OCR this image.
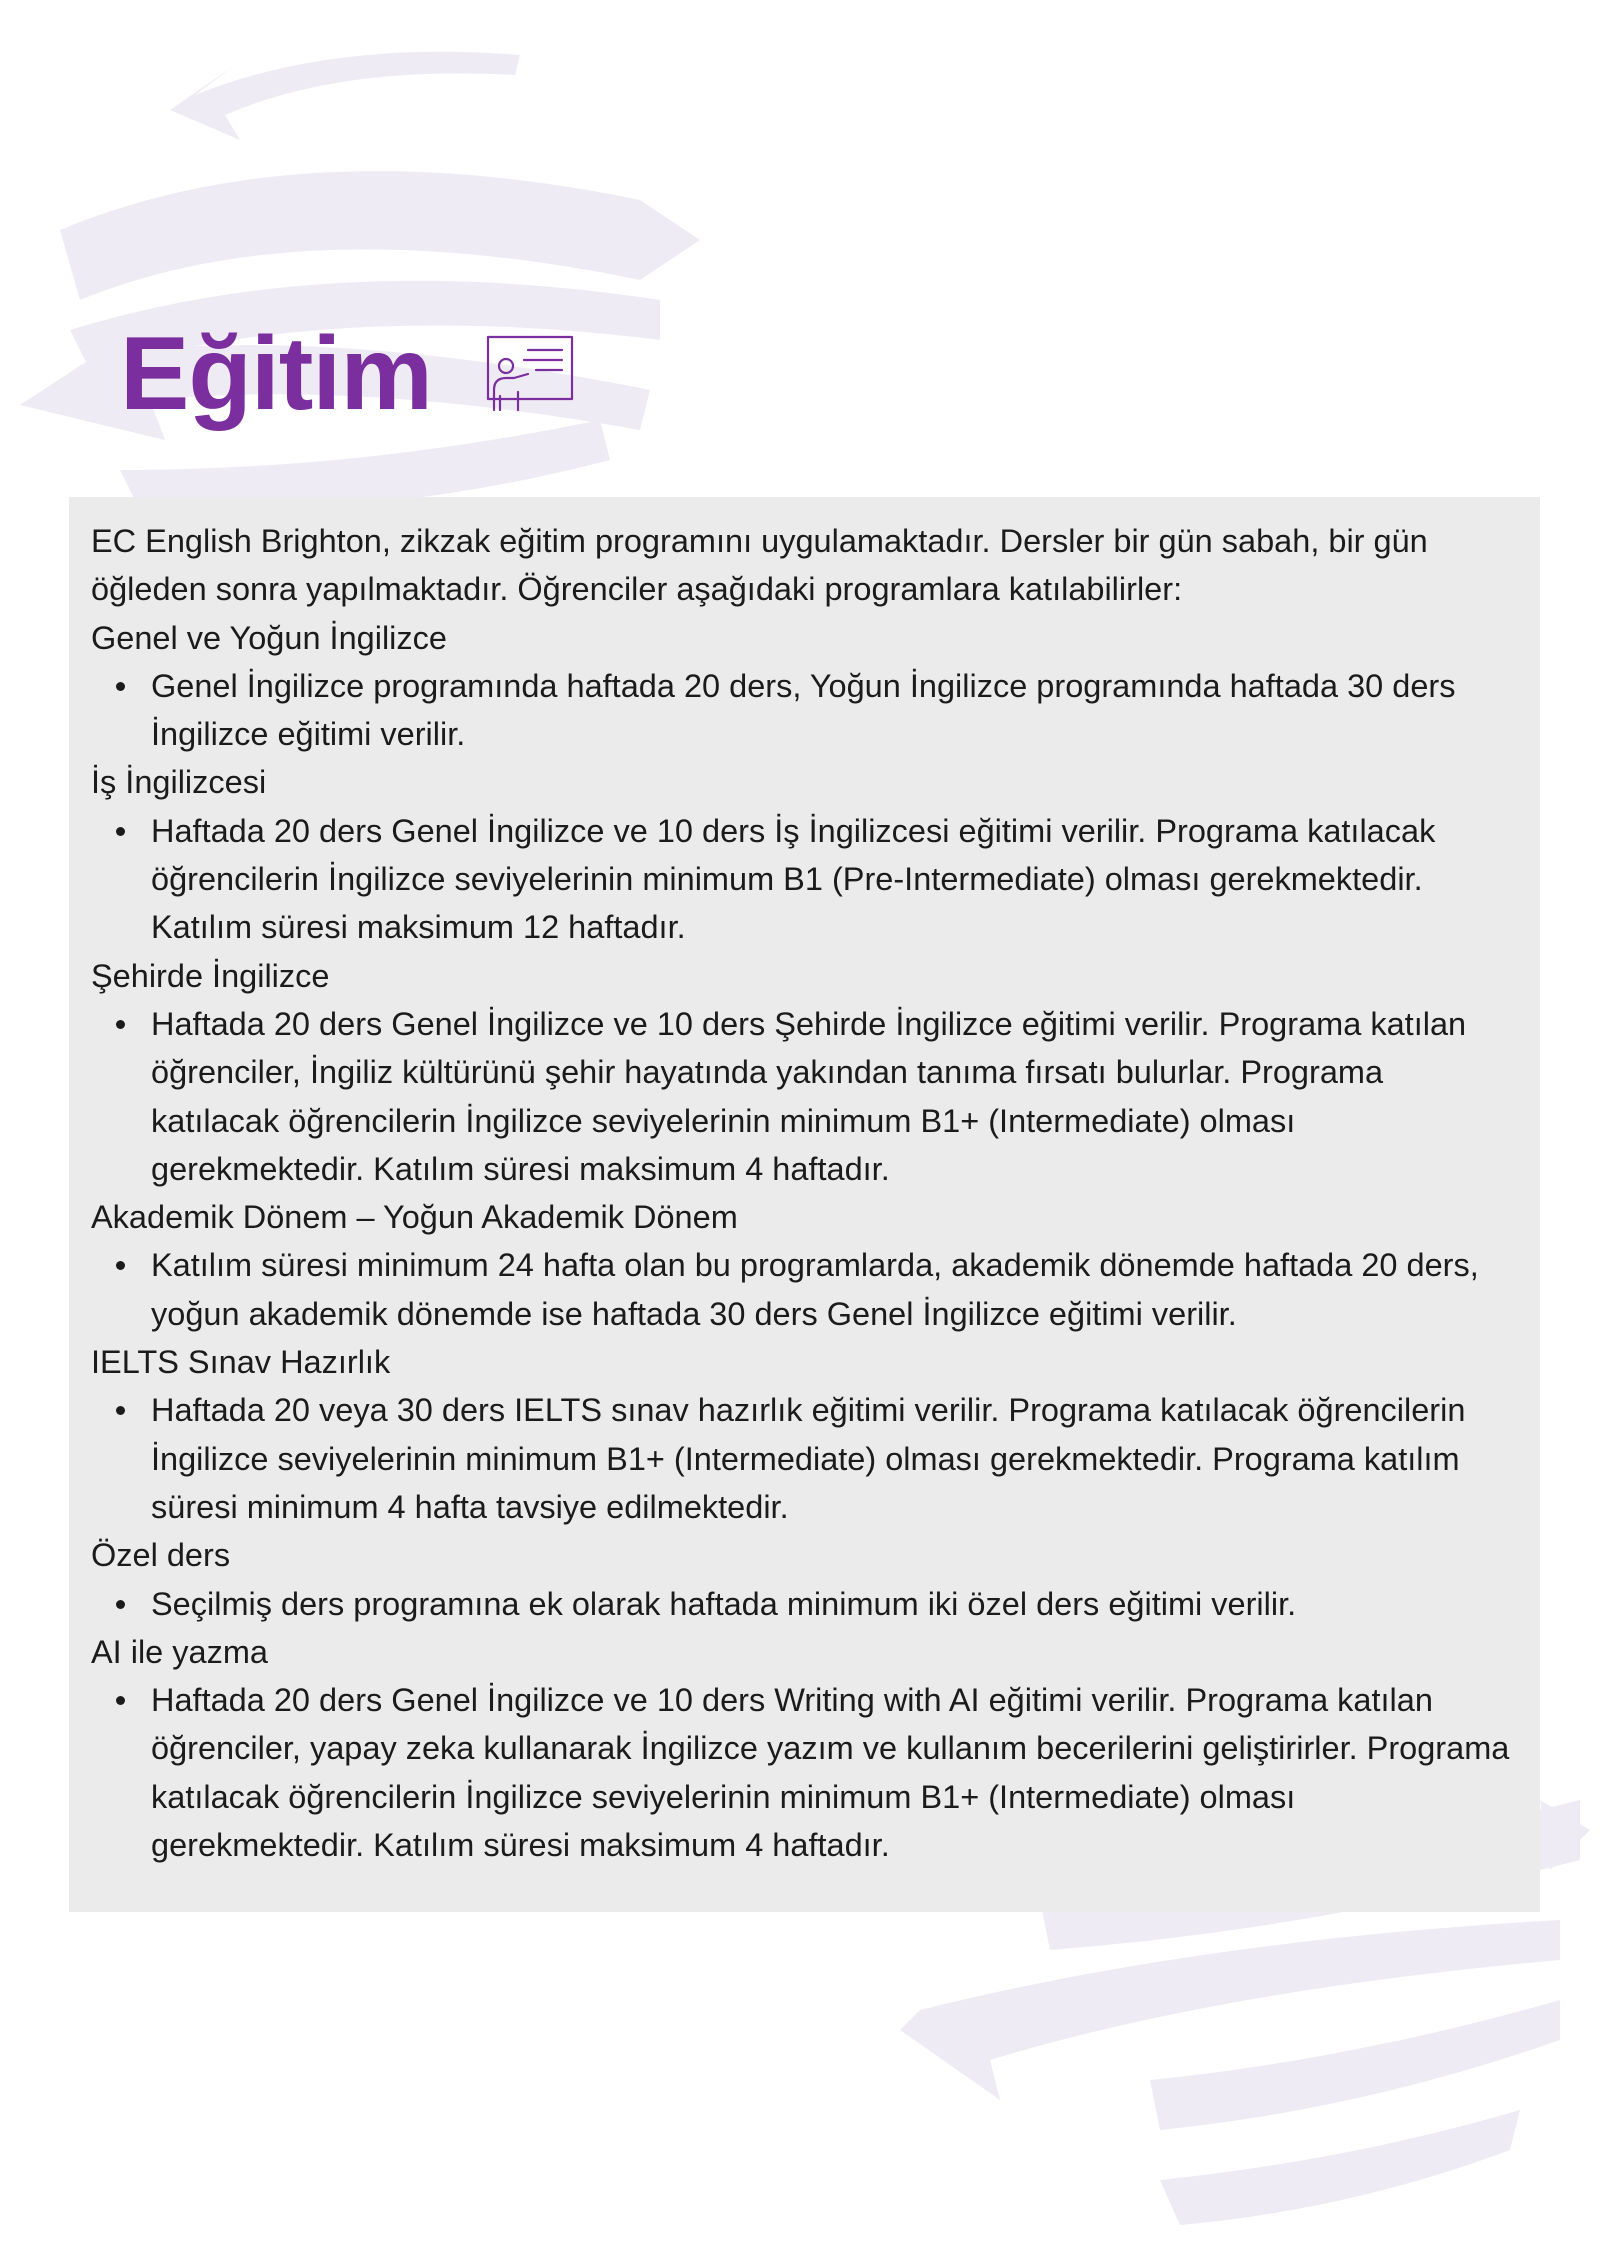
Eğitim

EC English Brighton, zikzak eğitim programını uygulamaktadır. Dersler bir gün sabah, bir gün öğleden sonra yapılmaktadır. Öğrenciler aşağıdaki programlara katılabilirler:

Genel ve Yoğun İngilizce
Genel İngilizce programında haftada 20 ders, Yoğun İngilizce programında haftada 30 ders İngilizce eğitimi verilir.
İş İngilizcesi
Haftada 20 ders Genel İngilizce ve 10 ders İş İngilizcesi eğitimi verilir. Programa katılacak öğrencilerin İngilizce seviyelerinin minimum B1 (Pre-Intermediate) olması gerekmektedir. Katılım süresi maksimum 12 haftadır.
Şehirde İngilizce
Haftada 20 ders Genel İngilizce ve 10 ders Şehirde İngilizce eğitimi verilir. Programa katılan öğrenciler, İngiliz kültürünü şehir hayatında yakından tanıma fırsatı bulurlar. Programa katılacak öğrencilerin İngilizce seviyelerinin minimum B1+ (Intermediate) olması gerekmektedir. Katılım süresi maksimum 4 haftadır.
Akademik Dönem – Yoğun Akademik Dönem
Katılım süresi minimum 24 hafta olan bu programlarda, akademik dönemde haftada 20 ders, yoğun akademik dönemde ise haftada 30 ders Genel İngilizce eğitimi verilir.
IELTS Sınav Hazırlık
Haftada 20 veya 30 ders IELTS sınav hazırlık eğitimi verilir. Programa katılacak öğrencilerin İngilizce seviyelerinin minimum B1+ (Intermediate) olması gerekmektedir. Programa katılım süresi minimum 4 hafta tavsiye edilmektedir.
Özel ders
Seçilmiş ders programına ek olarak haftada minimum iki özel ders eğitimi verilir.
AI ile yazma
Haftada 20 ders Genel İngilizce ve 10 ders Writing with AI eğitimi verilir. Programa katılan öğrenciler, yapay zeka kullanarak İngilizce yazım ve kullanım becerilerini geliştirirler. Programa katılacak öğrencilerin İngilizce seviyelerinin minimum B1+ (Intermediate) olması gerekmektedir. Katılım süresi maksimum 4 haftadır.
